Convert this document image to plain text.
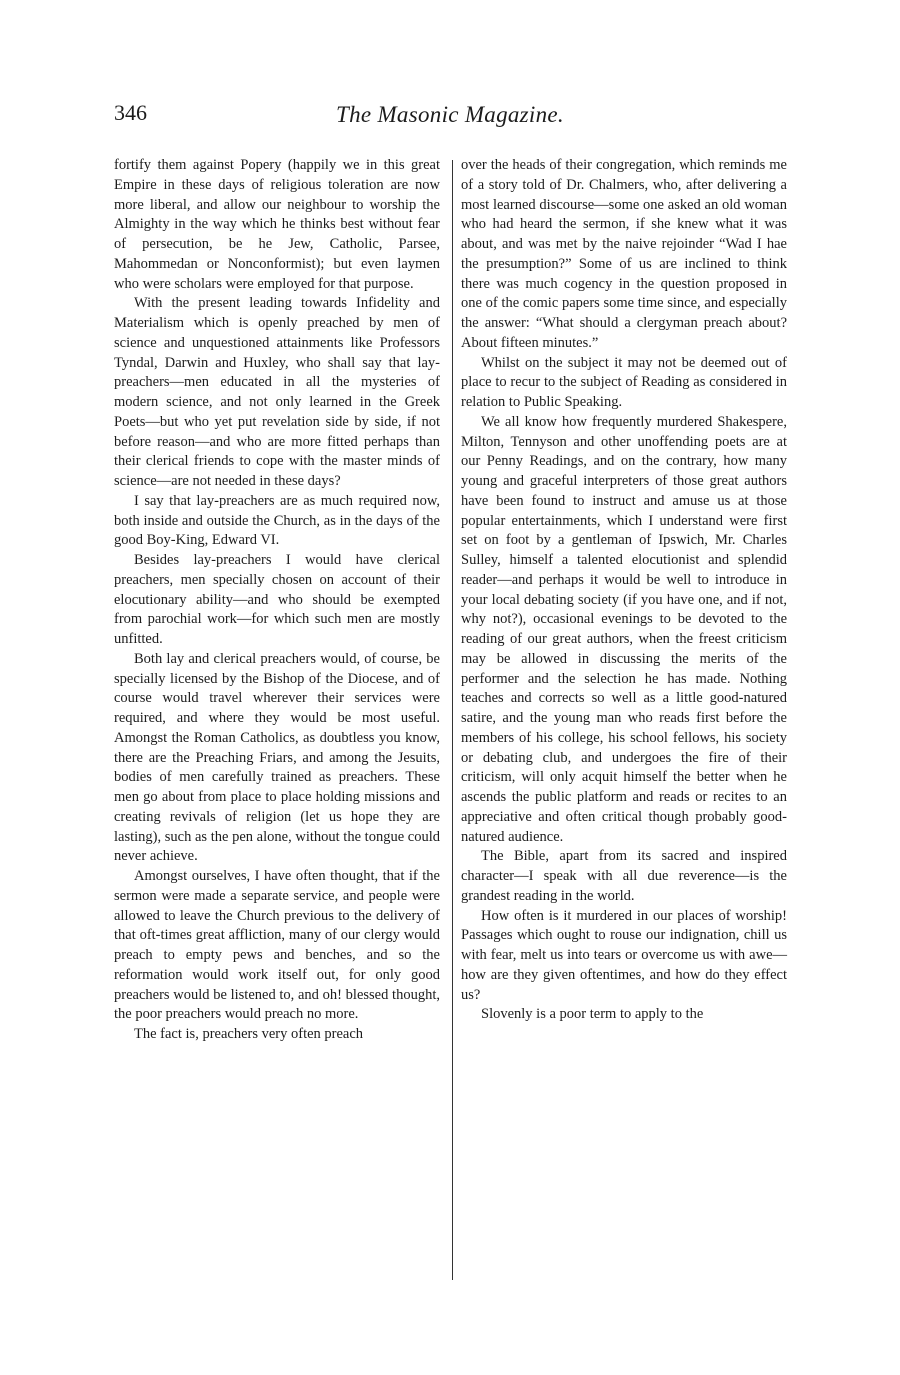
346	The Masonic Magazine.

fortify them against Popery (happily we in this great Empire in these days of religious toleration are now more liberal, and allow our neighbour to worship the Almighty in the way which he thinks best without fear of persecution, be he Jew, Catholic, Parsee, Mahommedan or Nonconformist); but even laymen who were scholars were employed for that purpose.

With the present leading towards Infidelity and Materialism which is openly preached by men of science and unquestioned attainments like Professors Tyndal, Darwin and Huxley, who shall say that lay-preachers—men educated in all the mysteries of modern science, and not only learned in the Greek Poets—but who yet put revelation side by side, if not before reason—and who are more fitted perhaps than their clerical friends to cope with the master minds of science—are not needed in these days?

I say that lay-preachers are as much required now, both inside and outside the Church, as in the days of the good Boy-King, Edward VI.

Besides lay-preachers I would have clerical preachers, men specially chosen on account of their elocutionary ability—and who should be exempted from parochial work—for which such men are mostly unfitted.

Both lay and clerical preachers would, of course, be specially licensed by the Bishop of the Diocese, and of course would travel wherever their services were required, and where they would be most useful. Amongst the Roman Catholics, as doubtless you know, there are the Preaching Friars, and among the Jesuits, bodies of men carefully trained as preachers. These men go about from place to place holding missions and creating revivals of religion (let us hope they are lasting), such as the pen alone, without the tongue could never achieve.

Amongst ourselves, I have often thought, that if the sermon were made a separate service, and people were allowed to leave the Church previous to the delivery of that oft-times great affliction, many of our clergy would preach to empty pews and benches, and so the reformation would work itself out, for only good preachers would be listened to, and oh! blessed thought, the poor preachers would preach no more.

The fact is, preachers very often preach

over the heads of their congregation, which reminds me of a story told of Dr. Chalmers, who, after delivering a most learned discourse—some one asked an old woman who had heard the sermon, if she knew what it was about, and was met by the naive rejoinder “Wad I hae the presumption?” Some of us are inclined to think there was much cogency in the question proposed in one of the comic papers some time since, and especially the answer: “What should a clergyman preach about? About fifteen minutes.”

Whilst on the subject it may not be deemed out of place to recur to the subject of Reading as considered in relation to Public Speaking.

We all know how frequently murdered Shakespere, Milton, Tennyson and other unoffending poets are at our Penny Readings, and on the contrary, how many young and graceful interpreters of those great authors have been found to instruct and amuse us at those popular entertainments, which I understand were first set on foot by a gentleman of Ipswich, Mr. Charles Sulley, himself a talented elocutionist and splendid reader—and perhaps it would be well to introduce in your local debating society (if you have one, and if not, why not?), occasional evenings to be devoted to the reading of our great authors, when the freest criticism may be allowed in discussing the merits of the performer and the selection he has made. Nothing teaches and corrects so well as a little good-natured satire, and the young man who reads first before the members of his college, his school fellows, his society or debating club, and undergoes the fire of their criticism, will only acquit himself the better when he ascends the public platform and reads or recites to an appreciative and often critical though probably good-natured audience.

The Bible, apart from its sacred and inspired character—I speak with all due reverence—is the grandest reading in the world.

How often is it murdered in our places of worship! Passages which ought to rouse our indignation, chill us with fear, melt us into tears or overcome us with awe—how are they given oftentimes, and how do they effect us?

Slovenly is a poor term to apply to the
